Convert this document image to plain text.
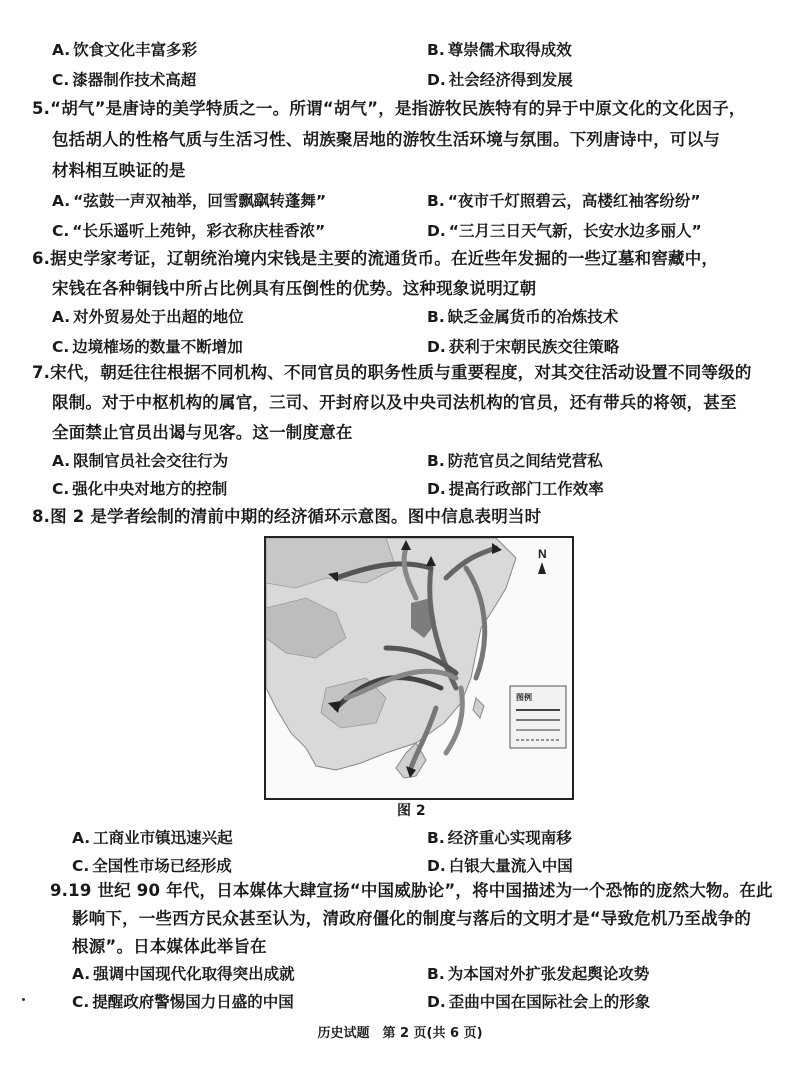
A. 饮食文化丰富多彩	B. 尊崇儒术取得成效
C. 漆器制作技术高超	D. 社会经济得到发展
5.“胡气”是唐诗的美学特质之一。所谓“胡气”，是指游牧民族特有的异于中原文化的文化因子，
包括胡人的性格气质与生活习性、胡族聚居地的游牧生活环境与氛围。下列唐诗中，可以与
材料相互映证的是
A. “弦鼓一声双袖举，回雪飘飖转蓬舞”	B. “夜市千灯照碧云，高楼红袖客纷纷”
C. “长乐遥听上苑钟，彩衣称庆桂香浓”	D. “三月三日天气新，长安水边多丽人”
6.据史学家考证，辽朝统治境内宋钱是主要的流通货币。在近些年发掘的一些辽墓和窖藏中，
宋钱在各种铜钱中所占比例具有压倒性的优势。这种现象说明辽朝
A. 对外贸易处于出超的地位	B. 缺乏金属货币的冶炼技术
C. 边境榷场的数量不断增加	D. 获利于宋朝民族交往策略
7.宋代，朝廷往往根据不同机构、不同官员的职务性质与重要程度，对其交往活动设置不同等级的
限制。对于中枢机构的属官，三司、开封府以及中央司法机构的官员，还有带兵的将领，甚至
全面禁止官员出谒与见客。这一制度意在
A. 限制官员社会交往行为	B. 防范官员之间结党营私
C. 强化中央对地方的控制	D. 提高行政部门工作效率
8.图 2 是学者绘制的清前中期的经济循环示意图。图中信息表明当时
N
图例
图 2
A. 工商业市镇迅速兴起	B. 经济重心实现南移
C. 全国性市场已经形成	D. 白银大量流入中国
9.19 世纪 90 年代，日本媒体大肆宣扬“中国威胁论”，将中国描述为一个恐怖的庞然大物。在此
影响下，一些西方民众甚至认为，清政府僵化的制度与落后的文明才是“导致危机乃至战争的
根源”。日本媒体此举旨在
A. 强调中国现代化取得突出成就	B. 为本国对外扩张发起舆论攻势
C. 提醒政府警惕国力日盛的中国	D. 歪曲中国在国际社会上的形象
历史试题　第 2 页(共 6 页)
